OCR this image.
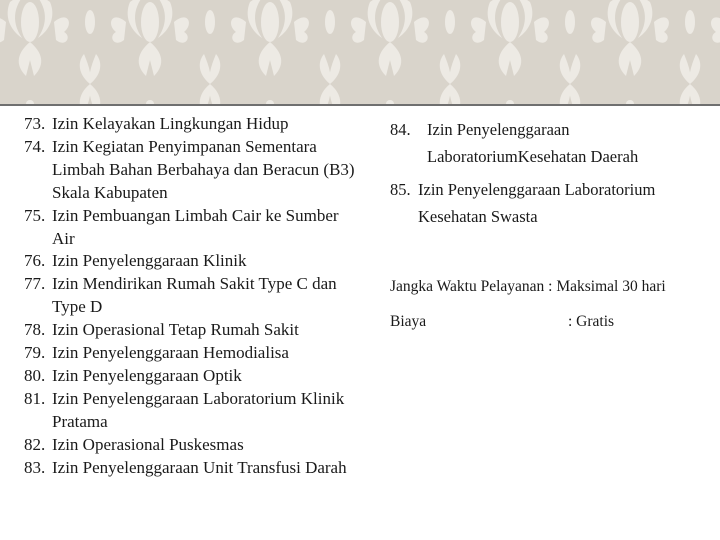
73. Izin Kelayakan Lingkungan Hidup
74. Izin Kegiatan Penyimpanan Sementara Limbah Bahan Berbahaya dan Beracun (B3) Skala Kabupaten
75. Izin Pembuangan Limbah Cair ke Sumber Air
76. Izin Penyelenggaraan Klinik
77. Izin Mendirikan Rumah Sakit Type C dan Type D
78. Izin Operasional Tetap Rumah Sakit
79. Izin Penyelenggaraan Hemodialisa
80. Izin Penyelenggaraan Optik
81. Izin Penyelenggaraan Laboratorium Klinik Pratama
82. Izin Operasional Puskesmas
83. Izin Penyelenggaraan Unit Transfusi Darah
84. Izin Penyelenggaraan
LaboratoriumKesehatan Daerah
85. Izin Penyelenggaraan Laboratorium
Kesehatan Swasta
Jangka Waktu Pelayanan : Maksimal 30 hari
Biaya	: Gratis
